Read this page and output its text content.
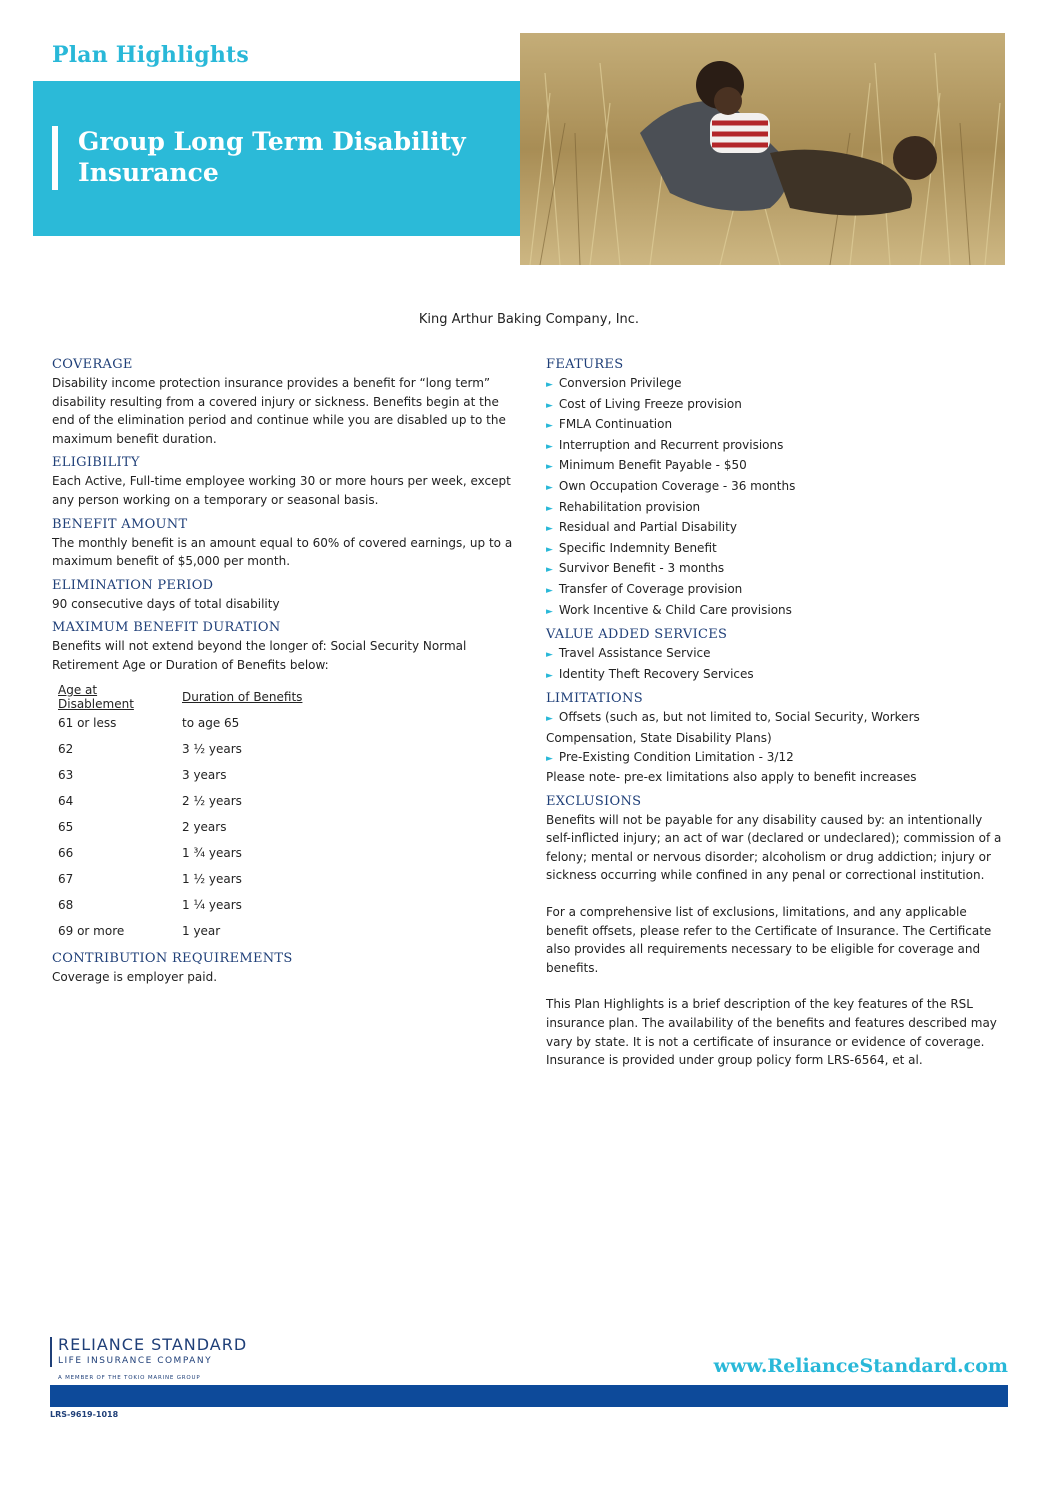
Plan Highlights
Group Long Term Disability
Insurance
King Arthur Baking Company, Inc.
COVERAGE

Disability income protection insurance provides a benefit for “long term” disability resulting from a covered injury or sickness. Benefits begin at the end of the elimination period and continue while you are disabled up to the maximum benefit duration.

ELIGIBILITY

Each Active, Full-time employee working 30 or more hours per week, except any person working on a temporary or seasonal basis.

BENEFIT AMOUNT

The monthly benefit is an amount equal to 60% of covered earnings, up to a maximum benefit of $5,000 per month.

ELIMINATION PERIOD

90 consecutive days of total disability

MAXIMUM BENEFIT DURATION

Benefits will not extend beyond the longer of: Social Security Normal Retirement Age or Duration of Benefits below:

Age at Disablement	Duration of Benefits
61 or less	to age 65
62	3 ½ years
63	3 years
64	2 ½ years
65	2 years
66	1 ¾ years
67	1 ½ years
68	1 ¼ years
69 or more	1 year
CONTRIBUTION REQUIREMENTS

Coverage is employer paid.

FEATURES
► Conversion Privilege
► Cost of Living Freeze provision
► FMLA Continuation
► Interruption and Recurrent provisions
► Minimum Benefit Payable - $50
► Own Occupation Coverage - 36 months
► Rehabilitation provision
► Residual and Partial Disability
► Specific Indemnity Benefit
► Survivor Benefit - 3 months
► Transfer of Coverage provision
► Work Incentive & Child Care provisions
VALUE ADDED SERVICES
► Travel Assistance Service
► Identity Theft Recovery Services
LIMITATIONS
► Offsets (such as, but not limited to, Social Security, Workers Compensation, State Disability Plans)
► Pre-Existing Condition Limitation - 3/12

Please note- pre-ex limitations also apply to benefit increases

EXCLUSIONS

Benefits will not be payable for any disability caused by: an intentionally self-inflicted injury; an act of war (declared or undeclared); commission of a felony; mental or nervous disorder; alcoholism or drug addiction; injury or sickness occurring while confined in any penal or correctional institution.

For a comprehensive list of exclusions, limitations, and any applicable benefit offsets, please refer to the Certificate of Insurance. The Certificate also provides all requirements necessary to be eligible for coverage and benefits.

This Plan Highlights is a brief description of the key features of the RSL insurance plan. The availability of the benefits and features described may vary by state. It is not a certificate of insurance or evidence of coverage. Insurance is provided under group policy form LRS-6564, et al.

RELIANCE STANDARD
LIFE INSURANCE COMPANY
A MEMBER OF THE TOKIO MARINE GROUP
www.RelianceStandard.com
LRS-9619-1018
